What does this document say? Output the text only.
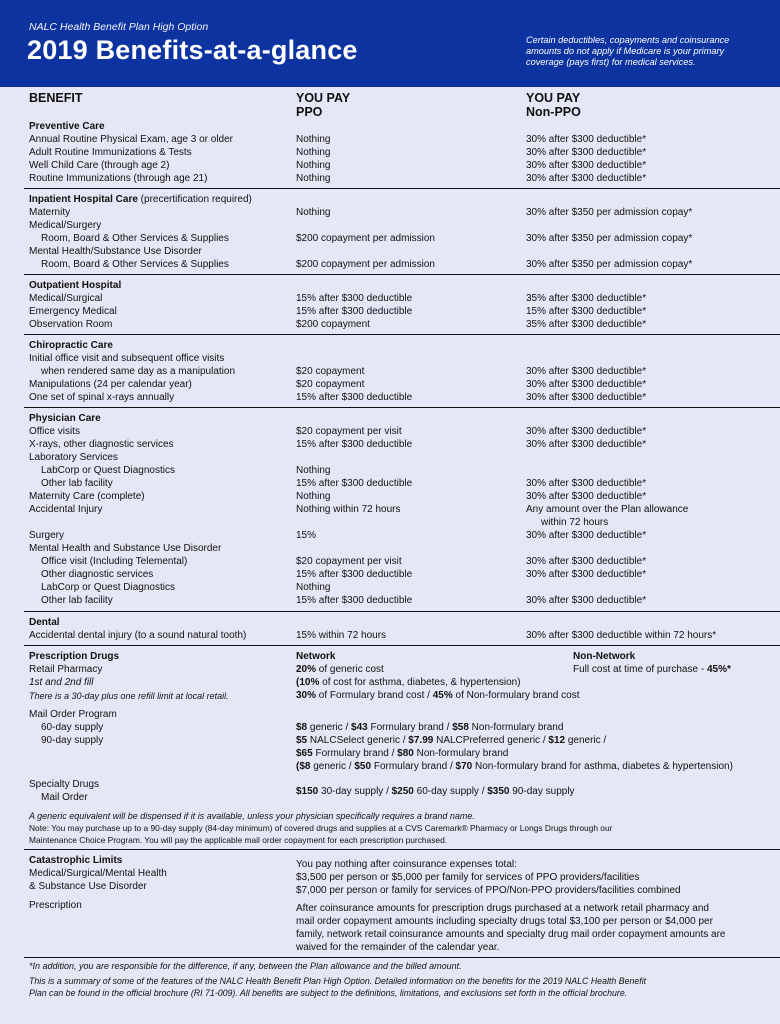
NALC Health Benefit Plan High Option
2019 Benefits-at-a-glance	Certain deductibles, copayments and coinsurance amounts do not apply if Medicare is your primary coverage (pays first) for medical services.
BENEFIT	YOU PAY
PPO
YOU PAY
Non-PPO
Preventive Care
Annual Routine Physical Exam, age 3 or older	Nothing	30% after $300 deductible*
Adult Routine Immunizations & Tests	Nothing	30% after $300 deductible*
Well Child Care (through age 2)	Nothing	30% after $300 deductible*
Routine Immunizations (through age 21)	Nothing	30% after $300 deductible*
Inpatient Hospital Care (precertification required)
Maternity	Nothing	30% after $350 per admission copay*
Medical/Surgery
Room, Board & Other Services & Supplies	$200 copayment per admission	30% after $350 per admission copay*
Mental Health/Substance Use Disorder
Room, Board & Other Services & Supplies	$200 copayment per admission	30% after $350 per admission copay*
Outpatient Hospital
Medical/Surgical	15% after $300 deductible	35% after $300 deductible*
Emergency Medical	15% after $300 deductible	15% after $300 deductible*
Observation Room	$200 copayment	35% after $300 deductible*
Chiropractic Care
Initial office visit and subsequent office visits
when rendered same day as a manipulation	$20 copayment	30% after $300 deductible*
Manipulations (24 per calendar year)	$20 copayment	30% after $300 deductible*
One set of spinal x-rays annually	15% after $300 deductible	30% after $300 deductible*
Physician Care
Office visits	$20 copayment per visit	30% after $300 deductible*
X-rays, other diagnostic services	15% after $300 deductible	30% after $300 deductible*
Laboratory Services
LabCorp or Quest Diagnostics	Nothing
Other lab facility	15% after $300 deductible	30% after $300 deductible*
Maternity Care (complete)	Nothing	30% after $300 deductible*
Accidental Injury	Nothing within 72 hours	Any amount over the Plan allowance
within 72 hours
Surgery	15%	30% after $300 deductible*
Mental Health and Substance Use Disorder
Office visit (Including Telemental)	$20 copayment per visit	30% after $300 deductible*
Other diagnostic services	15% after $300 deductible	30% after $300 deductible*
LabCorp or Quest Diagnostics	Nothing
Other lab facility	15% after $300 deductible	30% after $300 deductible*
Dental
Accidental dental injury (to a sound natural tooth)	15% within 72 hours	30% after $300 deductible within 72 hours*
Prescription Drugs	Network	Non-Network
Retail Pharmacy	20% of generic cost	Full cost at time of purchase - 45%*
1st and 2nd fill	(10% of cost for asthma, diabetes, & hypertension)
There is a 30-day plus one refill limit at local retail.	30% of Formulary brand cost / 45% of Non-formulary brand cost
Mail Order Program
60-day supply	$8 generic / $43 Formulary brand / $58 Non-formulary brand
90-day supply	$5 NALCSelect generic / $7.99 NALCPreferred generic / $12 generic /
$65 Formulary brand / $80 Non-formulary brand
($8 generic / $50 Formulary brand / $70 Non-formulary brand for asthma, diabetes & hypertension)
Specialty Drugs
Mail Order
$150 30-day supply / $250 60-day supply / $350 90-day supply
A generic equivalent will be dispensed if it is available, unless your physician specifically requires a brand name.
Note: You may purchase up to a 90-day supply (84-day minimum) of covered drugs and supplies at a CVS Caremark® Pharmacy or Longs Drugs through our
Maintenance Choice Program. You will pay the applicable mail order copayment for each prescription purchased.
Catastrophic Limits
Medical/Surgical/Mental Health
& Substance Use Disorder
You pay nothing after coinsurance expenses total:
$3,500 per person or $5,000 per family for services of PPO providers/facilities
$7,000 per person or family for services of PPO/Non-PPO providers/facilities combined
Prescription	After coinsurance amounts for prescription drugs purchased at a network retail pharmacy and
mail order copayment amounts including specialty drugs total $3,100 per person or $4,000 per
family, network retail coinsurance amounts and specialty drug mail order copayment amounts are
waived for the remainder of the calendar year.
*In addition, you are responsible for the difference, if any, between the Plan allowance and the billed amount.
This is a summary of some of the features of the NALC Health Benefit Plan High Option. Detailed information on the benefits for the 2019 NALC Health Benefit
Plan can be found in the official brochure (RI 71-009). All benefits are subject to the definitions, limitations, and exclusions set forth in the official brochure.
